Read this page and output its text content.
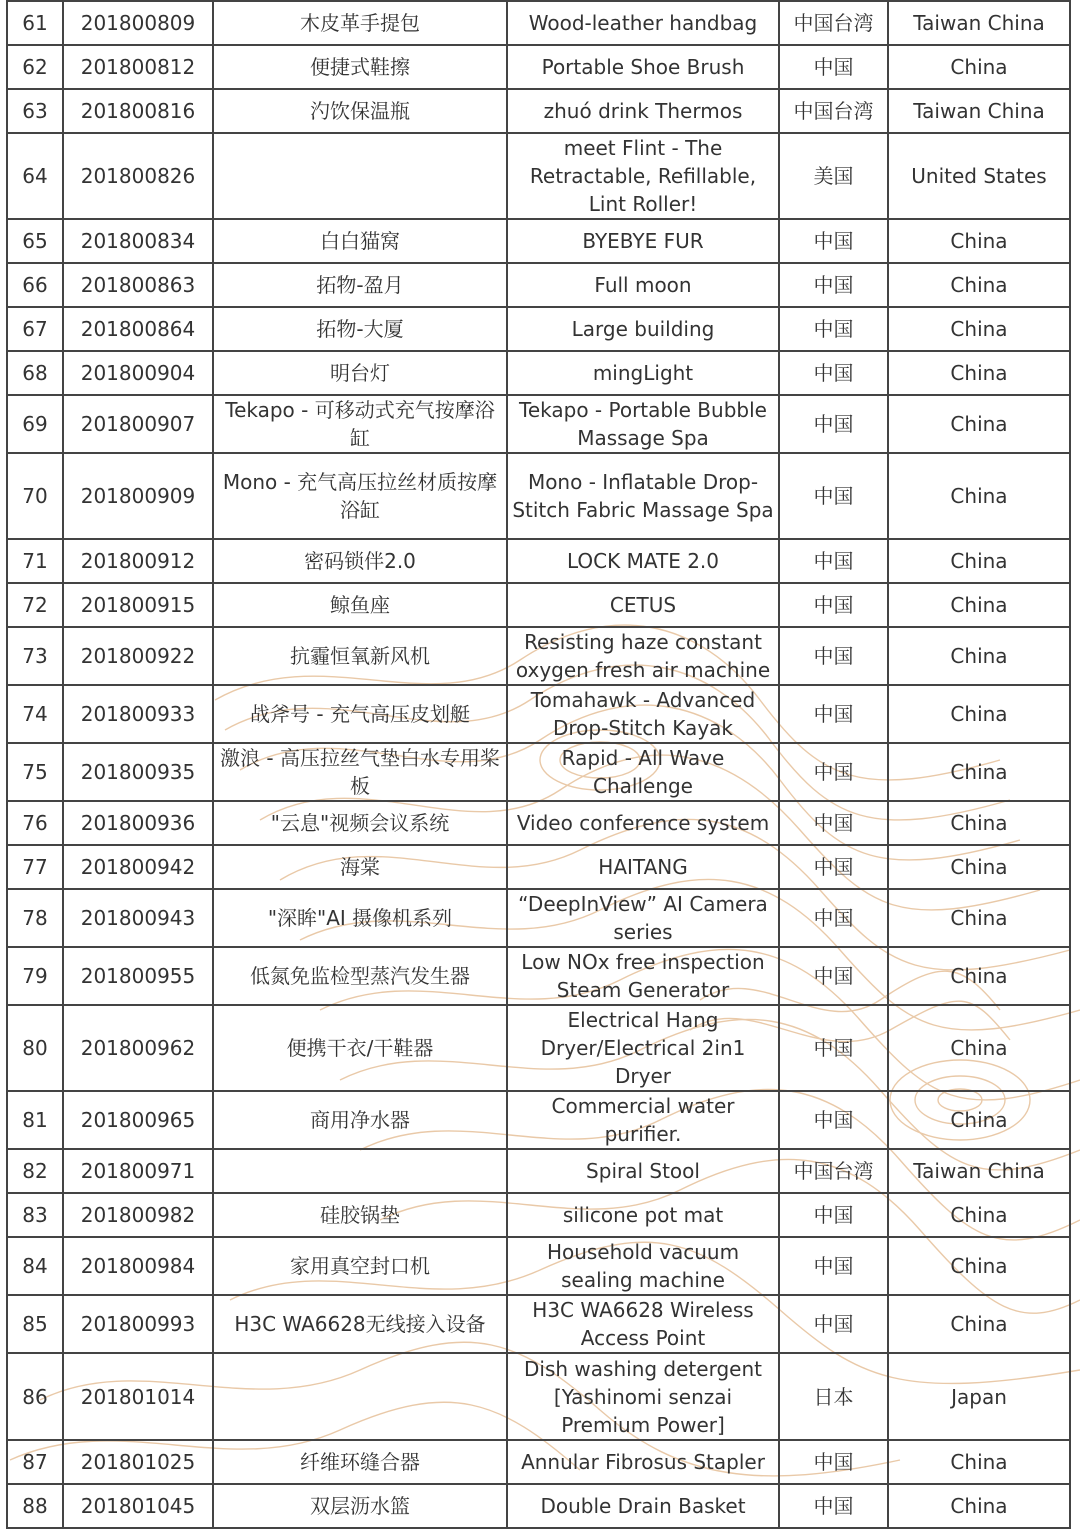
61	201800809	木皮革手提包	Wood-leather handbag	中国台湾	Taiwan China
62	201800812	便捷式鞋擦	Portable Shoe Brush	中国	China
63	201800816	汋饮保温瓶	zhuó drink Thermos	中国台湾	Taiwan China
64	201800826		meet Flint - The Retractable, Refillable, Lint Roller!	美国	United States
65	201800834	白白猫窝	BYEBYE FUR	中国	China
66	201800863	拓物-盈月	Full moon	中国	China
67	201800864	拓物-大厦	Large building	中国	China
68	201800904	明台灯	mingLight	中国	China
69	201800907	Tekapo - 可移动式充气按摩浴缸	Tekapo - Portable Bubble Massage Spa	中国	China
70	201800909	Mono - 充气高压拉丝材质按摩浴缸	Mono - Inflatable Drop-Stitch Fabric Massage Spa	中国	China
71	201800912	密码锁伴2.0	LOCK MATE 2.0	中国	China
72	201800915	鲸鱼座	CETUS	中国	China
73	201800922	抗霾恒氧新风机	Resisting haze constant oxygen fresh air machine	中国	China
74	201800933	战斧号 - 充气高压皮划艇	Tomahawk - Advanced Drop-Stitch Kayak	中国	China
75	201800935	激浪 - 高压拉丝气垫白水专用桨板	Rapid - All Wave Challenge	中国	China
76	201800936	"云息"视频会议系统	Video conference system	中国	China
77	201800942	海棠	HAITANG	中国	China
78	201800943	"深眸"AI 摄像机系列	“DeepInView” AI Camera series	中国	China
79	201800955	低氮免监检型蒸汽发生器	Low NOx free inspection Steam Generator	中国	China
80	201800962	便携干衣/干鞋器	Electrical Hang Dryer/Electrical 2in1 Dryer	中国	China
81	201800965	商用净水器	Commercial water purifier.	中国	China
82	201800971		Spiral Stool	中国台湾	Taiwan China
83	201800982	硅胶锅垫	silicone pot mat	中国	China
84	201800984	家用真空封口机	Household vacuum sealing machine	中国	China
85	201800993	H3C WA6628无线接入设备	H3C WA6628 Wireless Access Point	中国	China
86	201801014		Dish washing detergent [Yashinomi senzai Premium Power]	日本	Japan
87	201801025	纤维环缝合器	Annular Fibrosus Stapler	中国	China
88	201801045	双层沥水篮	Double Drain Basket	中国	China
